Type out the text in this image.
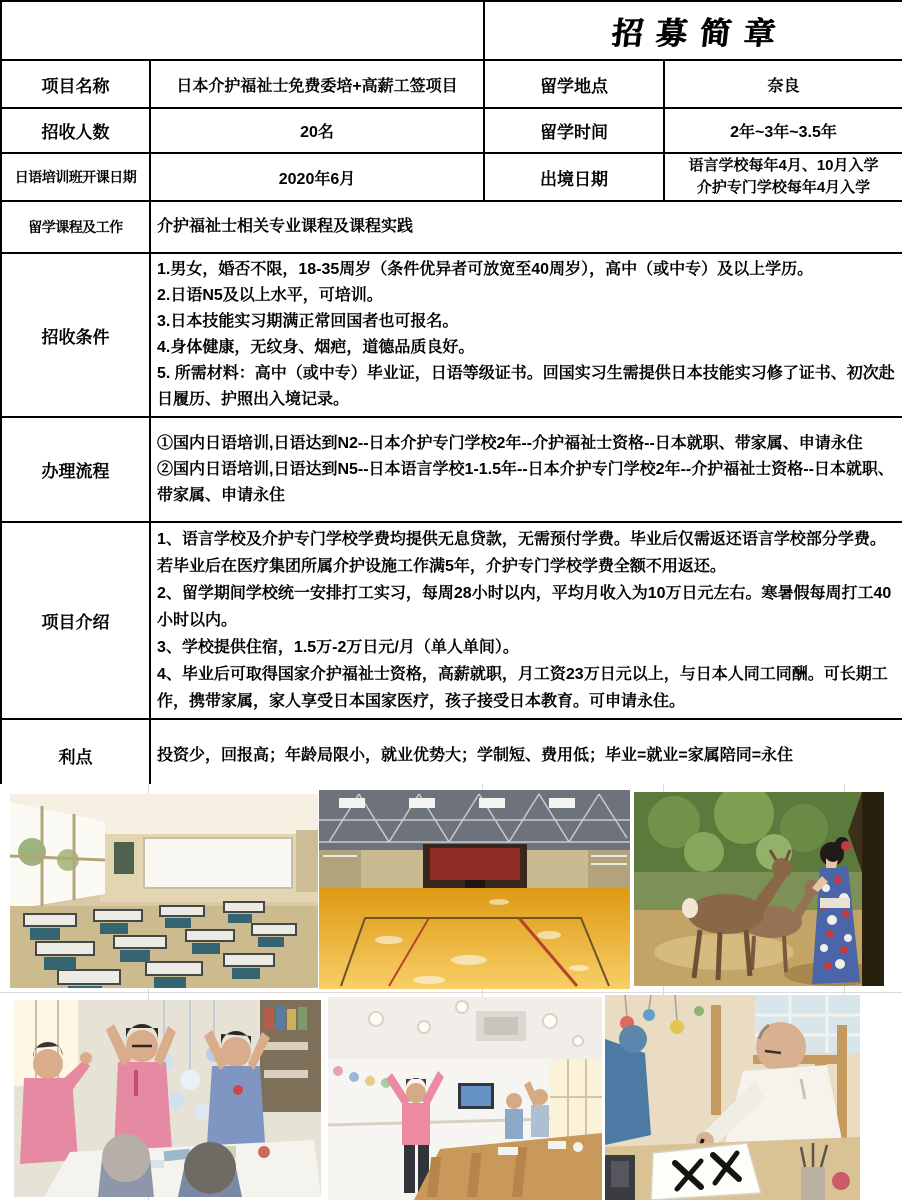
		招募简章	
项目名称	日本介护福祉士免费委培+高薪工签项目	留学地点	奈良
招收人数	20名	留学时间	2年~3年~3.5年
日语培训班开课日期	2020年6月	出境日期	语言学校每年4月、10月入学
介护专门学校每年4月入学

留学课程及工作	介护福祉士相关专业课程及课程实践		

招收条件	1.男女，婚否不限，18-35周岁（条件优异者可放宽至40周岁），高中（或中专）及以上学历。
2.日语N5及以上水平，可培训。
3.日本技能实习期满正常回国者也可报名。
4.身体健康，无纹身、烟疤，道德品质良好。
5. 所需材料：高中（或中专）毕业证，日语等级证书。回国实习生需提供日本技能实习修了证书、初次赴日履历、护照出入境记录。		

办理流程	①国内日语培训,日语达到N2--日本介护专门学校2年--介护福祉士资格--日本就职、带家属、申请永住
②国内日语培训,日语达到N5--日本语言学校1-1.5年--日本介护专门学校2年--介护福祉士资格--日本就职、带家属、申请永住		

项目介绍	1、语言学校及介护专门学校学费均提供无息贷款，无需预付学费。毕业后仅需返还语言学校部分学费。若毕业后在医疗集团所属介护设施工作满5年，介护专门学校学费全额不用返还。
2、留学期间学校统一安排打工实习，每周28小时以内，平均月收入为10万日元左右。寒暑假每周打工40小时以内。
3、学校提供住宿，1.5万-2万日元/月（单人单间）。
4、毕业后可取得国家介护福祉士资格，高薪就职，月工资23万日元以上，与日本人同工同酬。可长期工作，携带家属，家人享受日本国家医疗，孩子接受日本教育。可申请永住。		

利点	投资少，回报高；年龄局限小，就业优势大；学制短、费用低；毕业=就业=家属陪同=永住		
